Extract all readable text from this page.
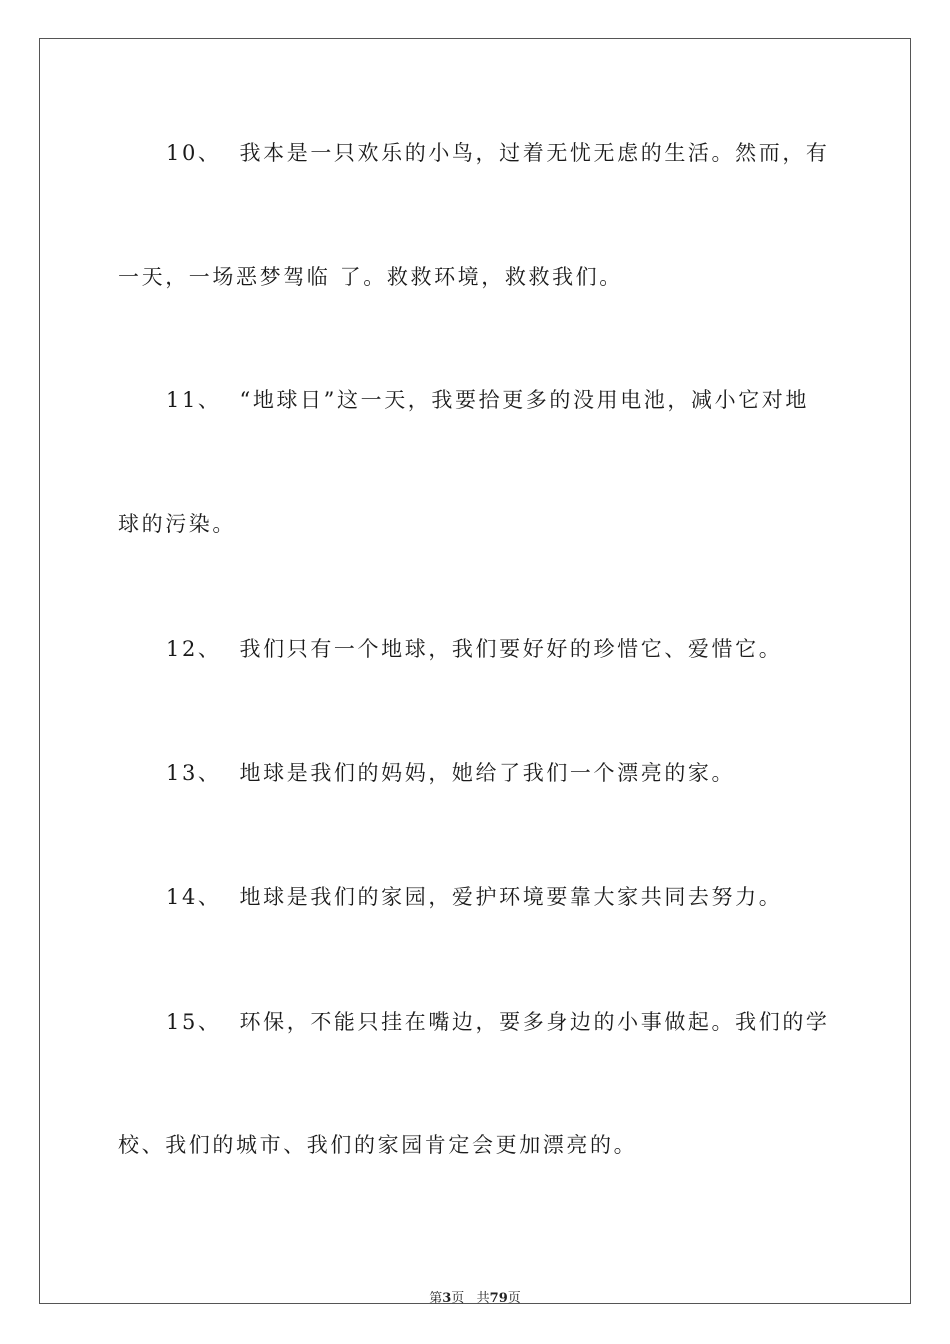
10、 我本是一只欢乐的小鸟，过着无忧无虑的生活。然而，有
一天，一场恶梦驾临 了。救救环境，救救我们。
11、 “地球日”这一天，我要拾更多的没用电池，减小它对地
球的污染。
12、 我们只有一个地球，我们要好好的珍惜它、爱惜它。
13、 地球是我们的妈妈，她给了我们一个漂亮的家。
14、 地球是我们的家园，爱护环境要靠大家共同去努力。
15、 环保，不能只挂在嘴边，要多身边的小事做起。我们的学
校、我们的城市、我们的家园肯定会更加漂亮的。
第3页   共79页
